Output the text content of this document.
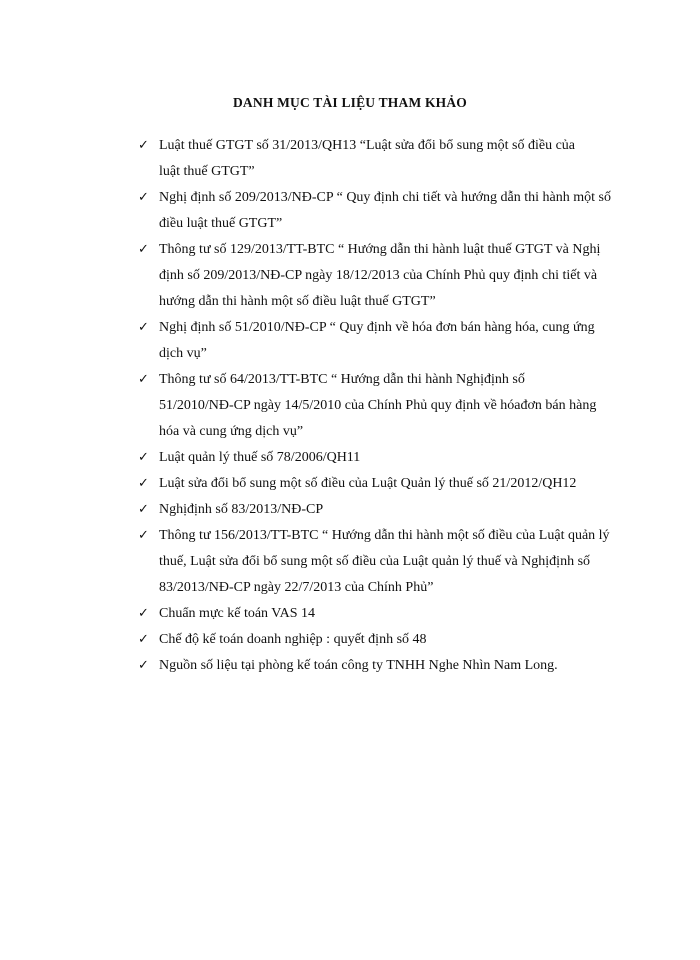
DANH MỤC TÀI LIỆU THAM KHẢO
✓ Luật thuế GTGT số 31/2013/QH13 “Luật sửa đổi bổ sung một số điều của luật thuế GTGT”
✓ Nghị định số 209/2013/NĐ-CP “ Quy định chi tiết và hướng dẫn thi hành một số điều luật thuế GTGT”
✓ Thông tư số 129/2013/TT-BTC “ Hướng dẫn thi hành luật thuế GTGT và Nghị định số 209/2013/NĐ-CP ngày 18/12/2013 của Chính Phủ quy định chi tiết và hướng dẫn thi hành một số điều luật thuế GTGT”
✓ Nghị định số 51/2010/NĐ-CP “ Quy định về hóa đơn bán hàng hóa, cung ứng dịch vụ”
✓ Thông tư số 64/2013/TT-BTC “ Hướng dẫn thi hành Nghịđịnh số 51/2010/NĐ-CP ngày 14/5/2010 của Chính Phủ quy định về hóađơn bán hàng hóa và cung ứng dịch vụ”
✓ Luật quản lý thuế số 78/2006/QH11
✓ Luật sửa đổi bổ sung một số điều của Luật Quản lý thuế số 21/2012/QH12
✓ Nghịđịnh số 83/2013/NĐ-CP
✓ Thông tư 156/2013/TT-BTC “ Hướng dẫn thi hành một số điều của Luật quản lý thuế, Luật sửa đổi bổ sung một số điều của Luật quản lý thuế và Nghịđịnh số 83/2013/NĐ-CP ngày 22/7/2013 của Chính Phủ”
✓ Chuẩn mực kế toán VAS 14
✓ Chế độ kế toán doanh nghiệp : quyết định số 48
✓ Nguồn số liệu tại phòng kế toán công ty TNHH Nghe Nhìn Nam Long.
